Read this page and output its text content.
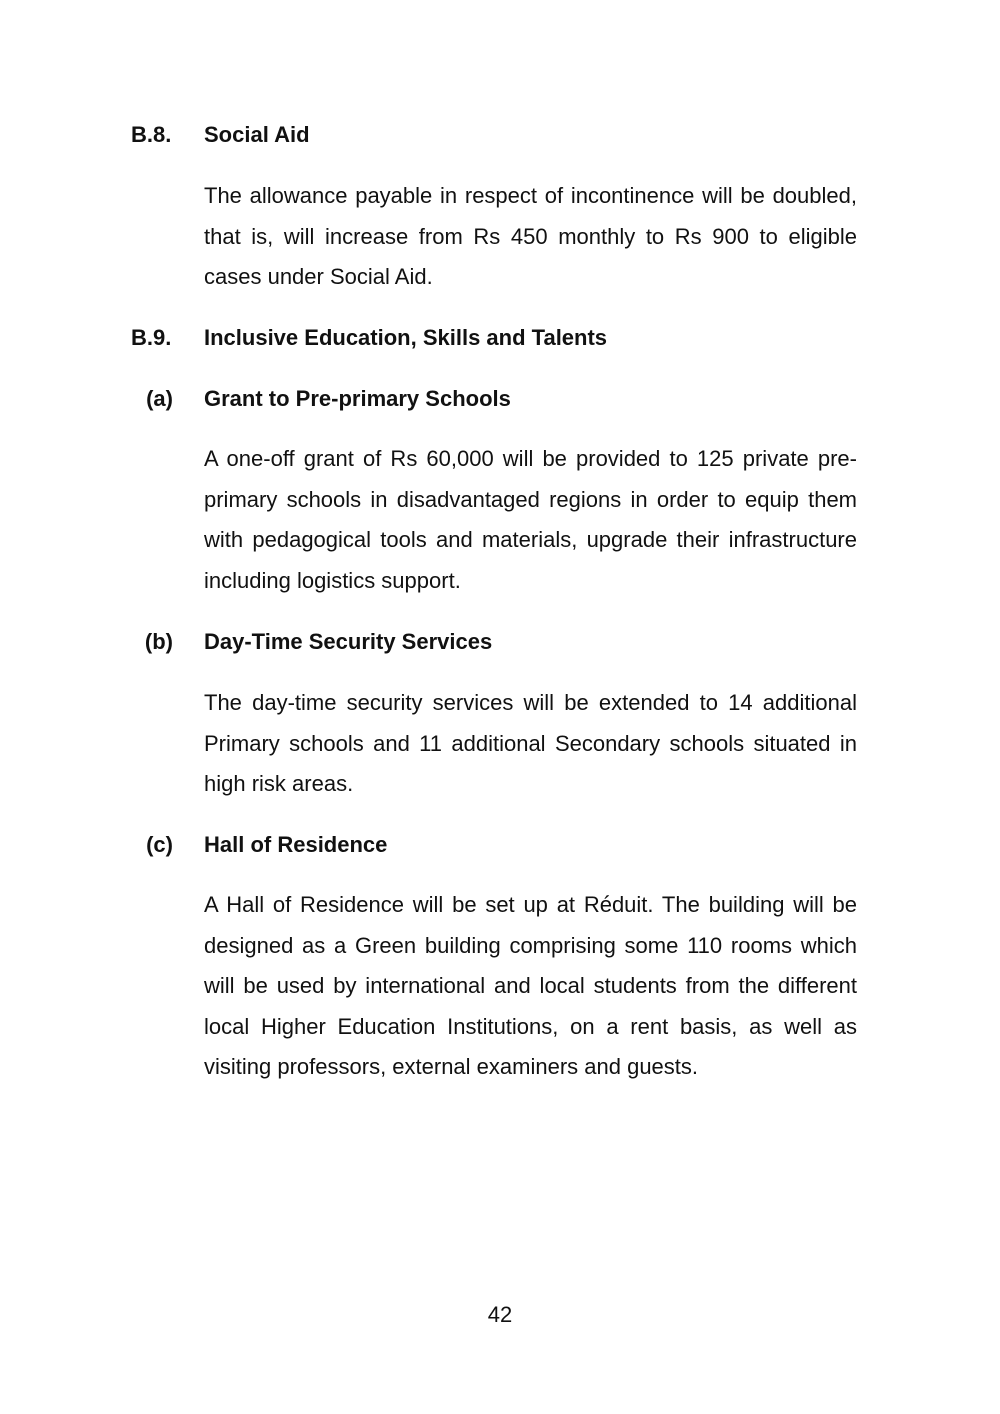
B.8. Social Aid

The allowance payable in respect of incontinence will be doubled, that is, will increase from Rs 450 monthly to Rs 900 to eligible cases under Social Aid.

B.9. Inclusive Education, Skills and Talents
(a) Grant to Pre-primary Schools

A one-off grant of Rs 60,000 will be provided to 125 private pre-primary schools in disadvantaged regions in order to equip them with pedagogical tools and materials, upgrade their infrastructure including logistics support.

(b) Day-Time Security Services

The day-time security services will be extended to 14 additional Primary schools and 11 additional Secondary schools situated in high risk areas.

(c) Hall of Residence

A Hall of Residence will be set up at Réduit. The building will be designed as a Green building comprising some 110 rooms which will be used by international and local students from the different local Higher Education Institutions, on a rent basis, as well as visiting professors, external examiners and guests.

42
